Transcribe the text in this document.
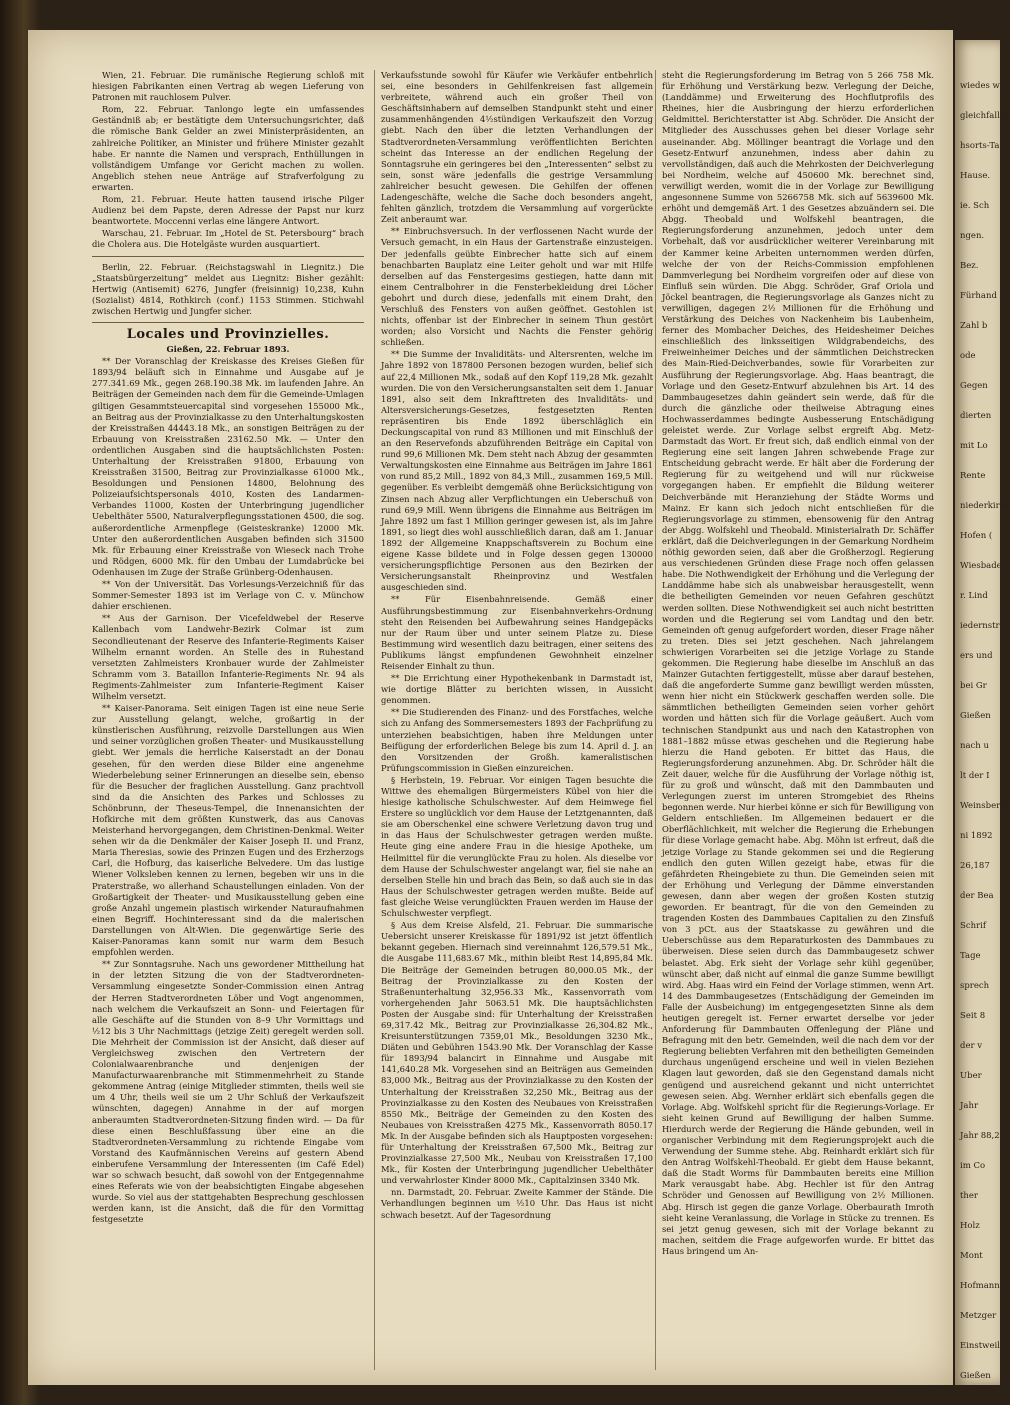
wiedes w
gleichfalls
hsorts-Ta
Hause.
ie. Sch
ngen.
Bez.
Fürhand
Zahl b
ode
Gegen
dierten
mit Lo
Rente
niederkirch
Hofen (
Wiesbade
r. Lind
iedernstr
ers und
bei Gr
Gießen
nach u
lt der I
Weinsberg
ni 1892
26,187
der Bea
Schrif
Tage
sprech
Seit 8
der v
Uber
Jahr
Jahr 88,2
im Co
ther
Holz
Mont
Hofmann
Metzger
Einstweil
Gießen

Wien, 21. Februar. Die rumänische Regierung schloß mit hiesigen Fabrikanten einen Vertrag ab wegen Lieferung von Patronen mit rauchlosem Pulver.

Rom, 22. Februar. Tanlongo legte ein umfassendes Geständniß ab; er bestätigte dem Untersuchungsrichter, daß die römische Bank Gelder an zwei Ministerpräsidenten, an zahlreiche Politiker, an Minister und frühere Minister gezahlt habe. Er nannte die Namen und versprach, Enthüllungen in vollständigem Umfange vor Gericht machen zu wollen. Angeblich stehen neue Anträge auf Strafverfolgung zu erwarten.

Rom, 21. Februar. Heute hatten tausend irische Pilger Audienz bei dem Papste, deren Adresse der Papst nur kurz beantwortete. Moccenni verlas eine längere Antwort.

Warschau, 21. Februar. Im „Hotel de St. Petersbourg“ brach die Cholera aus. Die Hotelgäste wurden ausquartiert.

Berlin, 22. Februar. (Reichstagswahl in Liegnitz.) Die „Staatsbürgerzeitung“ meldet aus Liegnitz: Bisher gezählt: Hertwig (Antisemit) 6276, Jungfer (freisinnig) 10,238, Kuhn (Sozialist) 4814, Rothkirch (conf.) 1153 Stimmen. Stichwahl zwischen Hertwig und Jungfer sicher.

Locales und Provinzielles.

Gießen, 22. Februar 1893.

** Der Voranschlag der Kreiskasse des Kreises Gießen für 1893/94 beläuft sich in Einnahme und Ausgabe auf je 277.341.69 Mk., gegen 268.190.38 Mk. im laufenden Jahre. An Beiträgen der Gemeinden nach dem für die Gemeinde-Umlagen giltigen Gesammtsteuercapital sind vorgesehen 155000 Mk., an Beitrag aus der Provinzialkasse zu den Unterhaltungskosten der Kreisstraßen 44443.18 Mk., an sonstigen Beiträgen zu der Erbauung von Kreisstraßen 23162.50 Mk. — Unter den ordentlichen Ausgaben sind die hauptsächlichsten Posten: Unterhaltung der Kreisstraßen 91800, Erbauung von Kreisstraßen 31500, Beitrag zur Provinzialkasse 61000 Mk., Besoldungen und Pensionen 14800, Belohnung des Polizeiaufsichtspersonals 4010, Kosten des Landarmen-Verbandes 11000, Kosten der Unterbringung jugendlicher Uebelthäter 5500, Naturalverpflegungsstationen 4500, die sog. außerordentliche Armenpflege (Geisteskranke) 12000 Mk. Unter den außerordentlichen Ausgaben befinden sich 31500 Mk. für Erbauung einer Kreisstraße von Wieseck nach Trohe und Rödgen, 6000 Mk. für den Umbau der Lumdabrücke bei Odenhausen im Zuge der Straße Grünberg-Odenhausen.

** Von der Universität. Das Vorlesungs-Verzeichniß für das Sommer-Semester 1893 ist im Verlage von C. v. Münchow dahier erschienen.

** Aus der Garnison. Der Vicefeldwebel der Reserve Kallenbach vom Landwehr-Bezirk Colmar ist zum Secondlieutenant der Reserve des Infanterie-Regiments Kaiser Wilhelm ernannt worden. An Stelle des in Ruhestand versetzten Zahlmeisters Kronbauer wurde der Zahlmeister Schramm vom 3. Bataillon Infanterie-Regiments Nr. 94 als Regiments-Zahlmeister zum Infanterie-Regiment Kaiser Wilhelm versetzt.

** Kaiser-Panorama. Seit einigen Tagen ist eine neue Serie zur Ausstellung gelangt, welche, großartig in der künstlerischen Ausführung, reizvolle Darstellungen aus Wien und seiner vorzüglichen großen Theater- und Musikausstellung giebt. Wer jemals die herrliche Kaiserstadt an der Donau gesehen, für den werden diese Bilder eine angenehme Wiederbelebung seiner Erinnerungen an dieselbe sein, ebenso für die Besucher der fraglichen Ausstellung. Ganz prachtvoll sind da die Ansichten des Parkes und Schlosses zu Schönbrunn, der Theseus-Tempel, die Innenansichten der Hofkirche mit dem größten Kunstwerk, das aus Canovas Meisterhand hervorgegangen, dem Christinen-Denkmal. Weiter sehen wir da die Denkmäler der Kaiser Joseph II. und Franz, Maria Theresias, sowie des Prinzen Eugen und des Erzherzogs Carl, die Hofburg, das kaiserliche Belvedere. Um das lustige Wiener Volksleben kennen zu lernen, begeben wir uns in die Praterstraße, wo allerhand Schaustellungen einladen. Von der Großartigkeit der Theater- und Musikausstellung geben eine große Anzahl ungemein plastisch wirkender Naturaufnahmen einen Begriff. Hochinteressant sind da die malerischen Darstellungen von Alt-Wien. Die gegenwärtige Serie des Kaiser-Panoramas kann somit nur warm dem Besuch empfohlen werden.

** Zur Sonntagsruhe. Nach uns gewordener Mittheilung hat in der letzten Sitzung die von der Stadtverordneten-Versammlung eingesetzte Sonder-Commission einen Antrag der Herren Stadtverordneten Löber und Vogt angenommen, nach welchem die Verkaufszeit an Sonn- und Feiertagen für alle Geschäfte auf die Stunden von 8–9 Uhr Vormittags und ½12 bis 3 Uhr Nachmittags (jetzige Zeit) geregelt werden soll. Die Mehrheit der Commission ist der Ansicht, daß dieser auf Vergleichsweg zwischen den Vertretern der Colonialwaarenbranche und denjenigen der Manufacturwaarenbranche mit Stimmenmehrheit zu Stande gekommene Antrag (einige Mitglieder stimmten, theils weil sie um 4 Uhr, theils weil sie um 2 Uhr Schluß der Verkaufszeit wünschten, dagegen) Annahme in der auf morgen anberaumten Stadtverordneten-Sitzung finden wird. — Da für diese einen Beschlußfassung über eine an die Stadtverordneten-Versammlung zu richtende Eingabe vom Vorstand des Kaufmännischen Vereins auf gestern Abend einberufene Versammlung der Interessenten (im Café Edel) war so schwach besucht, daß sowohl von der Entgegennahme eines Referats wie von der beabsichtigten Eingabe abgesehen wurde. So viel aus der stattgehabten Besprechung geschlossen werden kann, ist die Ansicht, daß die für den Vormittag festgesetzte

Verkaufsstunde sowohl für Käufer wie Verkäufer entbehrlich sei, eine besonders in Gehilfenkreisen fast allgemein verbreitete, während auch ein großer Theil von Geschäftsinhabern auf demselben Standpunkt steht und einer zusammenhängenden 4½stündigen Verkaufszeit den Vorzug giebt. Nach den über die letzten Verhandlungen der Stadtverordneten-Versammlung veröffentlichten Berichten scheint das Interesse an der endlichen Regelung der Sonntagsruhe ein geringeres bei den „Interessenten“ selbst zu sein, sonst wäre jedenfalls die gestrige Versammlung zahlreicher besucht gewesen. Die Gehilfen der offenen Ladengeschäfte, welche die Sache doch besonders angeht, fehlten gänzlich, trotzdem die Versammlung auf vorgerückte Zeit anberaumt war.

** Einbruchsversuch. In der verflossenen Nacht wurde der Versuch gemacht, in ein Haus der Gartenstraße einzusteigen. Der jedenfalls geübte Einbrecher hatte sich auf einem benachbarten Bauplatz eine Leiter geholt und war mit Hilfe derselben auf das Fenstergesims gestiegen, hatte dann mit einem Centralbohrer in die Fensterbekleidung drei Löcher gebohrt und durch diese, jedenfalls mit einem Draht, den Verschluß des Fensters von außen geöffnet. Gestohlen ist nichts, offenbar ist der Einbrecher in seinem Thun gestört worden; also Vorsicht und Nachts die Fenster gehörig schließen.

** Die Summe der Invaliditäts- und Altersrenten, welche im Jahre 1892 von 187800 Personen bezogen wurden, belief sich auf 22,4 Millionen Mk., sodaß auf den Kopf 119,28 Mk. gezahlt wurden. Die von den Versicherungsanstalten seit dem 1. Januar 1891, also seit dem Inkrafttreten des Invaliditäts- und Altersversicherungs-Gesetzes, festgesetzten Renten repräsentiren bis Ende 1892 überschläglich ein Deckungscapital von rund 83 Millionen und mit Einschluß der an den Reservefonds abzuführenden Beiträge ein Capital von rund 99,6 Millionen Mk. Dem steht nach Abzug der gesammten Verwaltungskosten eine Einnahme aus Beiträgen im Jahre 1861 von rund 85,2 Mill., 1892 von 84,3 Mill., zusammen 169,5 Mill. gegenüber. Es verbleibt demgemäß ohne Berücksichtigung von Zinsen nach Abzug aller Verpflichtungen ein Ueberschuß von rund 69,9 Mill. Wenn übrigens die Einnahme aus Beiträgen im Jahre 1892 um fast 1 Million geringer gewesen ist, als im Jahre 1891, so liegt dies wohl ausschließlich daran, daß am 1. Januar 1892 der Allgemeine Knappschaftsverein zu Bochum eine eigene Kasse bildete und in Folge dessen gegen 130000 versicherungspflichtige Personen aus den Bezirken der Versicherungsanstalt Rheinprovinz und Westfalen ausgeschieden sind.

** Für Eisenbahnreisende. Gemäß einer Ausführungsbestimmung zur Eisenbahnverkehrs-Ordnung steht den Reisenden bei Aufbewahrung seines Handgepäcks nur der Raum über und unter seinem Platze zu. Diese Bestimmung wird wesentlich dazu beitragen, einer seitens des Publikums längst empfundenen Gewohnheit einzelner Reisender Einhalt zu thun.

** Die Errichtung einer Hypothekenbank in Darmstadt ist, wie dortige Blätter zu berichten wissen, in Aussicht genommen.

** Die Studierenden des Finanz- und des Forstfaches, welche sich zu Anfang des Sommersemesters 1893 der Fachprüfung zu unterziehen beabsichtigen, haben ihre Meldungen unter Beifügung der erforderlichen Belege bis zum 14. April d. J. an den Vorsitzenden der Großh. kameralistischen Prüfungscommission in Gießen einzureichen.

§ Herbstein, 19. Februar. Vor einigen Tagen besuchte die Wittwe des ehemaligen Bürgermeisters Kübel von hier die hiesige katholische Schulschwester. Auf dem Heimwege fiel Erstere so unglücklich vor dem Hause der Letztgenannten, daß sie am Oberschenkel eine schwere Verletzung davon trug und in das Haus der Schulschwester getragen werden mußte. Heute ging eine andere Frau in die hiesige Apotheke, um Heilmittel für die verunglückte Frau zu holen. Als dieselbe vor dem Hause der Schulschwester angelangt war, fiel sie nahe an derselben Stelle hin und brach das Bein, so daß auch sie in das Haus der Schulschwester getragen werden mußte. Beide auf fast gleiche Weise verunglückten Frauen werden im Hause der Schulschwester verpflegt.

§ Aus dem Kreise Alsfeld, 21. Februar. Die summarische Uebersicht unserer Kreiskasse für 1891/92 ist jetzt öffentlich bekannt gegeben. Hiernach sind vereinnahmt 126,579.51 Mk., die Ausgabe 111,683.67 Mk., mithin bleibt Rest 14,895,84 Mk. Die Beiträge der Gemeinden betrugen 80,000.05 Mk., der Beitrag der Provinzialkasse zu den Kosten der Straßenunterhaltung 32,956.33 Mk., Kassenvorrath vom vorhergehenden Jahr 5063.51 Mk. Die hauptsächlichsten Posten der Ausgabe sind: für Unterhaltung der Kreisstraßen 69,317.42 Mk., Beitrag zur Provinzialkasse 26,304.82 Mk., Kreisunterstützungen 7359,01 Mk., Besoldungen 3230 Mk., Diäten und Gebühren 1543.90 Mk. Der Voranschlag der Kasse für 1893/94 balancirt in Einnahme und Ausgabe mit 141,640.28 Mk. Vorgesehen sind an Beiträgen aus Gemeinden 83,000 Mk., Beitrag aus der Provinzialkasse zu den Kosten der Unterhaltung der Kreisstraßen 32,250 Mk., Beitrag aus der Provinzialkasse zu den Kosten des Neubaues von Kreisstraßen 8550 Mk., Beiträge der Gemeinden zu den Kosten des Neubaues von Kreisstraßen 4275 Mk., Kassenvorrath 8050.17 Mk. In der Ausgabe befinden sich als Hauptposten vorgesehen: für Unterhaltung der Kreisstraßen 67,500 Mk., Beitrag zur Provinzialkasse 27,500 Mk., Neubau von Kreisstraßen 17,100 Mk., für Kosten der Unterbringung jugendlicher Uebelthäter und verwahrloster Kinder 8000 Mk., Capitalzinsen 3340 Mk.

nn. Darmstadt, 20. Februar. Zweite Kammer der Stände. Die Verhandlungen beginnen um ½10 Uhr. Das Haus ist nicht schwach besetzt. Auf der Tagesordnung

steht die Regierungsforderung im Betrag von 5 266 758 Mk. für Erhöhung und Verstärkung bezw. Verlegung der Deiche, (Landdämme) und Erweiterung des Hochflutprofils des Rheines, hier die Ausbringung der hierzu erforderlichen Geldmittel. Berichterstatter ist Abg. Schröder. Die Ansicht der Mitglieder des Ausschusses gehen bei dieser Vorlage sehr auseinander. Abg. Möllinger beantragt die Vorlage und den Gesetz-Entwurf anzunehmen, indess aber dahin zu vervollständigen, daß auch die Mehrkosten der Deichverlegung bei Nordheim, welche auf 450600 Mk. berechnet sind, verwilligt werden, womit die in der Vorlage zur Bewilligung angesonnene Summe von 5266758 Mk. sich auf 5639600 Mk. erhöht und demgemäß Art. 1 des Gesetzes abzuändern sei. Die Abgg. Theobald und Wolfskehl beantragen, die Regierungsforderung anzunehmen, jedoch unter dem Vorbehalt, daß vor ausdrücklicher weiterer Vereinbarung mit der Kammer keine Arbeiten unternommen werden dürfen, welche der von der Reichs-Commission empfohlenen Dammverlegung bei Nordheim vorgreifen oder auf diese von Einfluß sein würden. Die Abgg. Schröder, Graf Oriola und Jöckel beantragen, die Regierungsvorlage als Ganzes nicht zu verwilligen, dagegen 2½ Millionen für die Erhöhung und Verstärkung des Deiches von Nackenheim bis Laubenheim, ferner des Mombacher Deiches, des Heidesheimer Deiches einschließlich des linksseitigen Wildgrabendeichs, des Freiweinheimer Deiches und der sämmtlichen Deichstrecken des Main-Ried-Deichverbandes, sowie für Vorarbeiten zur Ausführung der Regierungsvorlage. Abg. Haas beantragt, die Vorlage und den Gesetz-Entwurf abzulehnen bis Art. 14 des Dammbaugesetzes dahin geändert sein werde, daß für die durch die gänzliche oder theilweise Abtragung eines Hochwasserdammes bedingte Ausbesserung Entschädigung geleistet werde. Zur Vorlage selbst ergreift Abg. Metz-Darmstadt das Wort. Er freut sich, daß endlich einmal von der Regierung eine seit langen Jahren schwebende Frage zur Entscheidung gebracht werde. Er hält aber die Forderung der Regierung für zu weitgehend und will nur rückweise vorgegangen haben. Er empfiehlt die Bildung weiterer Deichverbände mit Heranziehung der Städte Worms und Mainz. Er kann sich jedoch nicht entschließen für die Regierungsvorlage zu stimmen, ebensowenig für den Antrag der Abgg. Wolfskehl und Theobald. Ministerialrath Dr. Schäffer erklärt, daß die Deichverlegungen in der Gemarkung Nordheim nöthig geworden seien, daß aber die Großherzogl. Regierung aus verschiedenen Gründen diese Frage noch offen gelassen habe. Die Nothwendigkeit der Erhöhung und die Verlegung der Landdämme habe sich als unabweisbar herausgestellt, wenn die betheiligten Gemeinden vor neuen Gefahren geschützt werden sollten. Diese Nothwendigkeit sei auch nicht bestritten worden und die Regierung sei vom Landtag und den betr. Gemeinden oft genug aufgefordert worden, dieser Frage näher zu treten. Dies sei jetzt geschehen. Nach jahrelangem schwierigen Vorarbeiten sei die jetzige Vorlage zu Stande gekommen. Die Regierung habe dieselbe im Anschluß an das Mainzer Gutachten fertiggestellt, müsse aber darauf bestehen, daß die angeforderte Summe ganz bewilligt werden müssten, wenn hier nicht ein Stückwerk geschaffen werden solle. Die sämmtlichen betheiligten Gemeinden seien vorher gehört worden und hätten sich für die Vorlage geäußert. Auch vom technischen Standpunkt aus und nach den Katastrophen von 1881–1882 müsse etwas geschehen und die Regierung habe hierzu die Hand geboten. Er bittet das Haus, die Regierungsforderung anzunehmen. Abg. Dr. Schröder hält die Zeit dauer, welche für die Ausführung der Vorlage nöthig ist, für zu groß und wünscht, daß mit den Dammbauten und Verlegungen zuerst im unteren Stromgebiet des Rheins begonnen werde. Nur hierbei könne er sich für Bewilligung von Geldern entschließen. Im Allgemeinen bedauert er die Oberflächlichkeit, mit welcher die Regierung die Erhebungen für diese Vorlage gemacht habe. Abg. Möhn ist erfreut, daß die jetzige Vorlage zu Stande gekommen sei und die Regierung endlich den guten Willen gezeigt habe, etwas für die gefährdeten Rheingebiete zu thun. Die Gemeinden seien mit der Erhöhung und Verlegung der Dämme einverstanden gewesen, dann aber wegen der großen Kosten stutzig geworden. Er beantragt, für die von den Gemeinden zu tragenden Kosten des Dammbaues Capitalien zu den Zinsfuß von 3 pCt. aus der Staatskasse zu gewähren und die Ueberschüsse aus dem Reparaturkosten des Dammbaues zu überweisen. Diese seien durch das Dammbaugesetz schwer belastet. Abg. Erk sieht der Vorlage sehr kühl gegenüber, wünscht aber, daß nicht auf einmal die ganze Summe bewilligt wird. Abg. Haas wird ein Feind der Vorlage stimmen, wenn Art. 14 des Dammbaugesetzes (Entschädigung der Gemeinden im Falle der Ausbeichung) im entgegengesetzten Sinne als dem heutigen geregelt ist. Ferner erwartet derselbe vor jeder Anforderung für Dammbauten Offenlegung der Pläne und Befragung mit den betr. Gemeinden, weil die nach dem vor der Regierung beliebten Verfahren mit den betheiligten Gemeinden durchaus ungenügend erscheine und weil in vielen Beziehen Klagen laut geworden, daß sie den Gegenstand damals nicht genügend und ausreichend gekannt und nicht unterrichtet gewesen seien. Abg. Wernher erklärt sich ebenfalls gegen die Vorlage. Abg. Wolfskehl spricht für die Regierungs-Vorlage. Er sieht keinen Grund auf Bewilligung der halben Summe. Hierdurch werde der Regierung die Hände gebunden, weil in organischer Verbindung mit dem Regierungsprojekt auch die Verwendung der Summe stehe. Abg. Reinhardt erklärt sich für den Antrag Wolfskehl-Theobald. Er giebt dem Hause bekannt, daß die Stadt Worms für Dammbauten bereits eine Million Mark verausgabt habe. Abg. Hechler ist für den Antrag Schröder und Genossen auf Bewilligung von 2½ Millionen. Abg. Hirsch ist gegen die ganze Vorlage. Oberbaurath Imroth sieht keine Veranlassung, die Vorlage in Stücke zu trennen. Es sei jetzt genug gewesen, sich mit der Vorlage bekannt zu machen, seitdem die Frage aufgeworfen wurde. Er bittet das Haus bringend um An-
